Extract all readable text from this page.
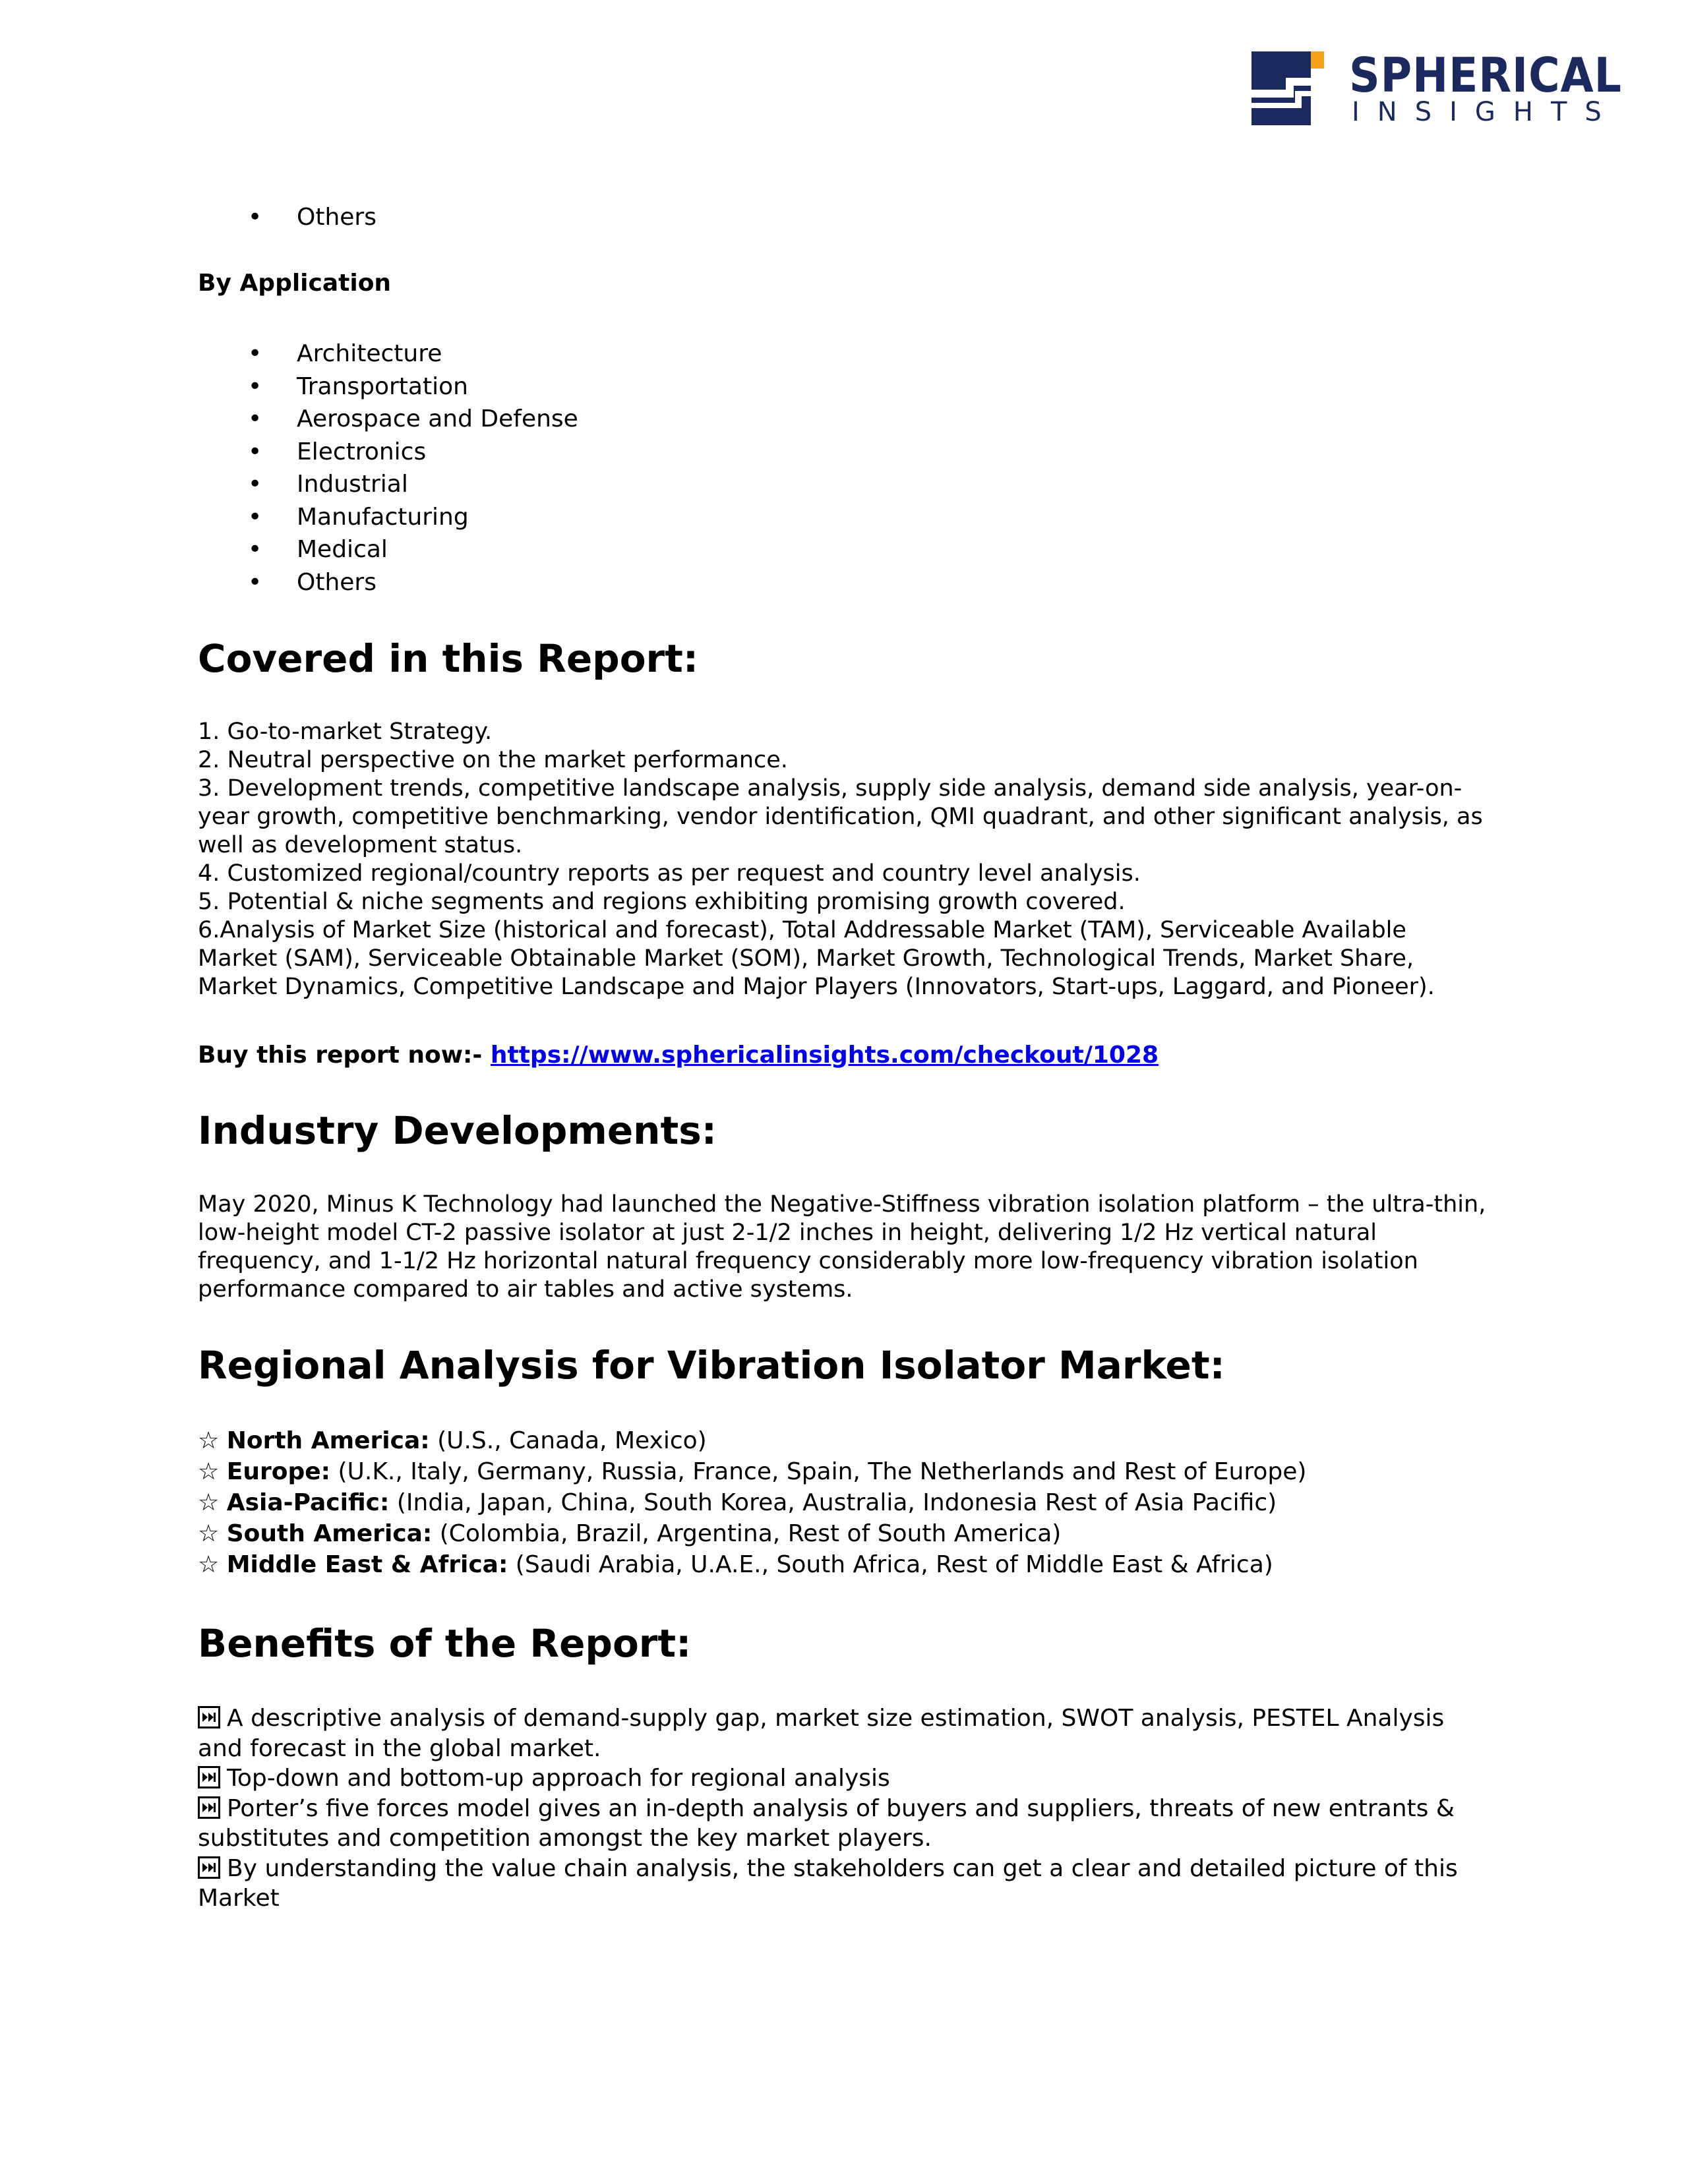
SPHERICAL
INSIGHTS
• Others
By Application
• Architecture
• Transportation
• Aerospace and Defense
• Electronics
• Industrial
• Manufacturing
• Medical
• Others
Covered in this Report:

1. Go-to-market Strategy.

2. Neutral perspective on the market performance.

3. Development trends, competitive landscape analysis, supply side analysis, demand side analysis, year-on-year growth, competitive benchmarking, vendor identification, QMI quadrant, and other significant analysis, as well as development status.

4. Customized regional/country reports as per request and country level analysis.

5. Potential & niche segments and regions exhibiting promising growth covered.

6.Analysis of Market Size (historical and forecast), Total Addressable Market (TAM), Serviceable Available Market (SAM), Serviceable Obtainable Market (SOM), Market Growth, Technological Trends, Market Share, Market Dynamics, Competitive Landscape and Major Players (Innovators, Start-ups, Laggard, and Pioneer).

Buy this report now:- https://www.sphericalinsights.com/checkout/1028
Industry Developments:

May 2020, Minus K Technology had launched the Negative-Stiffness vibration isolation platform – the ultra-thin, low-height model CT-2 passive isolator at just 2-1/2 inches in height, delivering 1/2 Hz vertical natural frequency, and 1-1/2 Hz horizontal natural frequency considerably more low-frequency vibration isolation performance compared to air tables and active systems.

Regional Analysis for Vibration Isolator Market:
☆ North America: (U.S., Canada, Mexico)
☆ Europe: (U.K., Italy, Germany, Russia, France, Spain, The Netherlands and Rest of Europe)
☆ Asia-Pacific: (India, Japan, China, South Korea, Australia, Indonesia Rest of Asia Pacific)
☆ South America: (Colombia, Brazil, Argentina, Rest of South America)
☆ Middle East & Africa: (Saudi Arabia, U.A.E., South Africa, Rest of Middle East & Africa)
Benefits of the Report:

A descriptive analysis of demand-supply gap, market size estimation, SWOT analysis, PESTEL Analysis and forecast in the global market.

Top-down and bottom-up approach for regional analysis

Porter’s five forces model gives an in-depth analysis of buyers and suppliers, threats of new entrants & substitutes and competition amongst the key market players.

By understanding the value chain analysis, the stakeholders can get a clear and detailed picture of this Market
